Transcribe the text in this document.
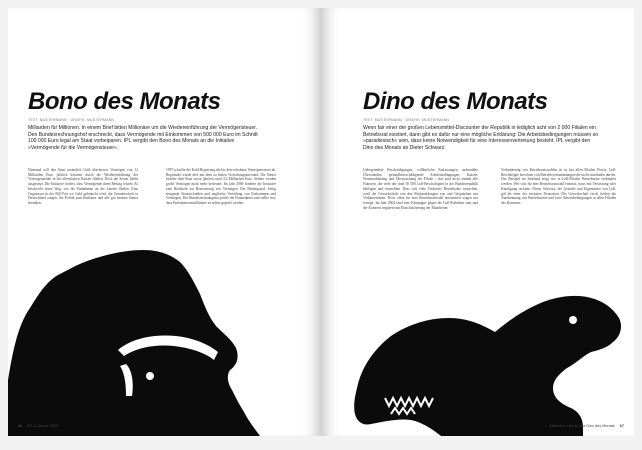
Bono des Monats
TEXT: MUSTERMANN · GRAFIK: MUSTERMANN
Milliarden für Millionen. In einem Brief bitten Millionäre um die Wiedereinführung der Vermögensteuer. Den Bundesrechnungshof erschreckt, dass Vermögende mit Einkommen von 500 000 Euro im Schnitt 100 000 Euro legal am Staat vorbeiparen. IPL vergibt den Bono des Monats an die Initiative »Vermögende für die Vermögensteuer«.
Niemand will den Staat zusätzlich Geld überlassen. Vermögen von 12 Milliarden Euro jährlich könnten durch die Wiedereinführung der Vermögensteuer in die öffentlichen Kassen fließen. Doch die Steuer bleibt ausgesetzt. Die Initiative fordert, dass Vermögende ihren Beitrag leisten. Es beschreibt einen Weg, wie die Einnahmen an die Länder fließen. Eine Gegenwart in der Bill Fair wo Geld gebraucht wird, die Gemeinschaft in Deutschland sorgen, die Politik zum Rathause und alle gut beraten Steuer bezahlen.
1997 schaffte die Kohl-Regierung die bis dato erhobene Vermögensteuer ab. Begründet wurde dies mit dem zu hohen Verwaltungsaufwand. Die Steuer brachte dem Staat zuvor jährlich rund 4,6 Milliarden Euro. Seither werden große Vermögen nicht mehr besteuert. Im Jahr 2006 forderte die Initiative eine Rückkehr zur Besteuerung von Vermögen. Der Hintergrund: Stetig steigende Staatsschulden und ungleiche Verteilung von Einkommen und Vermögen. Der Bundesrechnungshof prüfte die Finanzämter und stellte fest, dass Einkommensmillionäre zu selten geprüft werden.
66 IPL 1 Januar 2006
Dino des Monats
TEXT: MUSTERMANN · GRAFIK: MUSTERMANN
Wenn fair einer der großen Lebensmittel-Discounter der Republik in lediglich acht von 2 000 Filialen ein Betriebsrat existiert, dann gibt es dafür nur eine mögliche Erklärung: Die Arbeitsbedingungen müssen so »paradiesisch« sein, dass keine Notwendigkeit für eine Interessenvertretung besteht. IPL vergibt den Dino des Monats an Dieter Schwarz.
Unbegründete Beschuldigungen, willkürliche Entlassungen, unbezahlte Überstunden, gesundheitsschädigende Arbeitsbedingungen, Kassen, Warenzuführung und Überwachung der Filiale – das sind nicht einmal alle Faktoren, die viele der rund 50 000 Lidl-Beschäftigten in der Bundesrepublik beklagen und vermelden. Dass sich viele Verkäufer Betriebsräte wünschen, weiß die Gewerkschaft von den Rückmeldungen von und Gesprächen mit Verkäuferinnen. Doch offen für eine Betriebsratswahl einzutreten wagen nur wenige. Im Jahr 2004 fand eine Kampagne gegen die Lidl-Praktiken statt und der Konzern reagierte mit Einschüchterung der Mitarbeiter.
Verhinderung von Betriebsratswahlen ist in fast allen Filialen Praxis. Lidl-Beschäftigte berichten von Betriebsversammlungen die nicht stattfinden dürfen. Das Beispiel im Saarland zeigt wie in Lidl-Filialen Betriebsräte verhindert werden. Wer sich für eine Betriebsratswahl einsetzt, muss mit Versetzung oder Kündigung rechnen. Dieter Schwarz, der Gründer und Eigentümer von Lidl, gilt als einer der reichsten Deutschen. Die Gewerkschaft ver.di fordert die Anerkennung von Betriebsräten und faire Arbeitsbedingungen in allen Filialen des Konzerns.
Aktuelles » Bono und Dino des Monats 67
